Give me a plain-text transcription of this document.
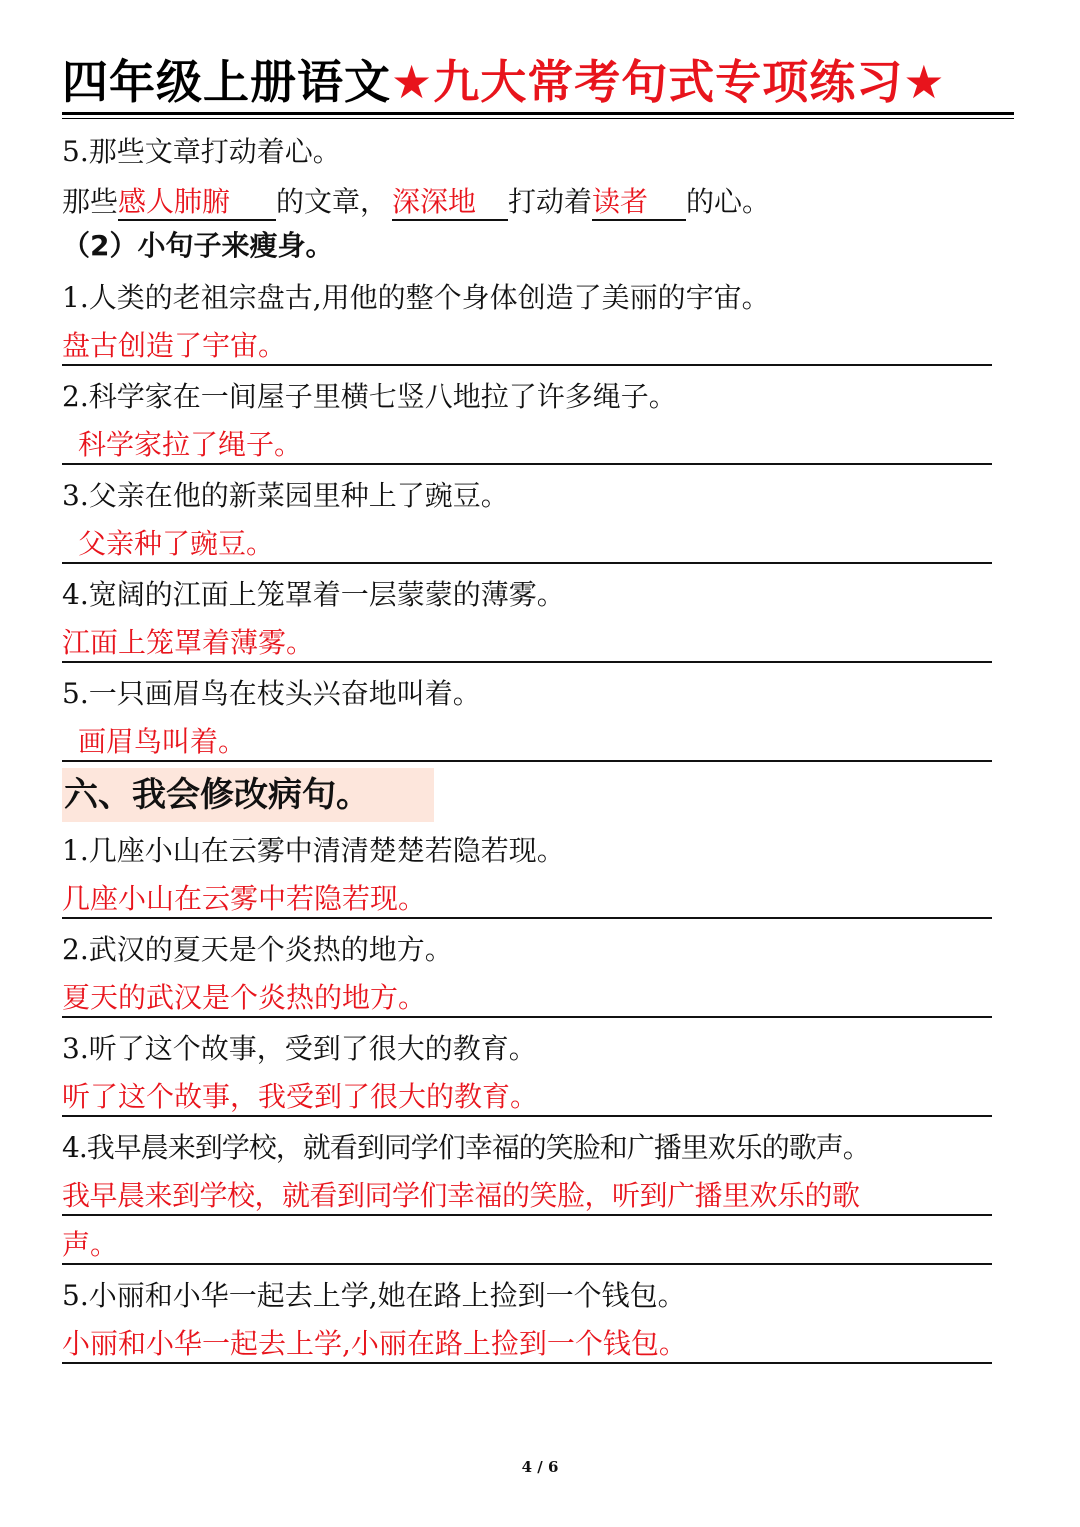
四年级上册语文★九大常考句式专项练习★
5.那些文章打动着心。
那些感人肺腑 的文章， 深深地 打动着读者 的心。
（2）小句子来瘦身。
1.人类的老祖宗盘古,用他的整个身体创造了美丽的宇宙。
盘古创造了宇宙。
2.科学家在一间屋子里横七竖八地拉了许多绳子。
科学家拉了绳子。
3.父亲在他的新菜园里种上了豌豆。
父亲种了豌豆。
4.宽阔的江面上笼罩着一层蒙蒙的薄雾。
江面上笼罩着薄雾。
5.一只画眉鸟在枝头兴奋地叫着。
画眉鸟叫着。
六、我会修改病句。
1.几座小山在云雾中清清楚楚若隐若现。
几座小山在云雾中若隐若现。
2.武汉的夏天是个炎热的地方。
夏天的武汉是个炎热的地方。
3.听了这个故事，受到了很大的教育。
听了这个故事，我受到了很大的教育。
4.我早晨来到学校，就看到同学们幸福的笑脸和广播里欢乐的歌声。
我早晨来到学校，就看到同学们幸福的笑脸，听到广播里欢乐的歌
声。
5.小丽和小华一起去上学,她在路上捡到一个钱包。
小丽和小华一起去上学,小丽在路上捡到一个钱包。
4 / 6
